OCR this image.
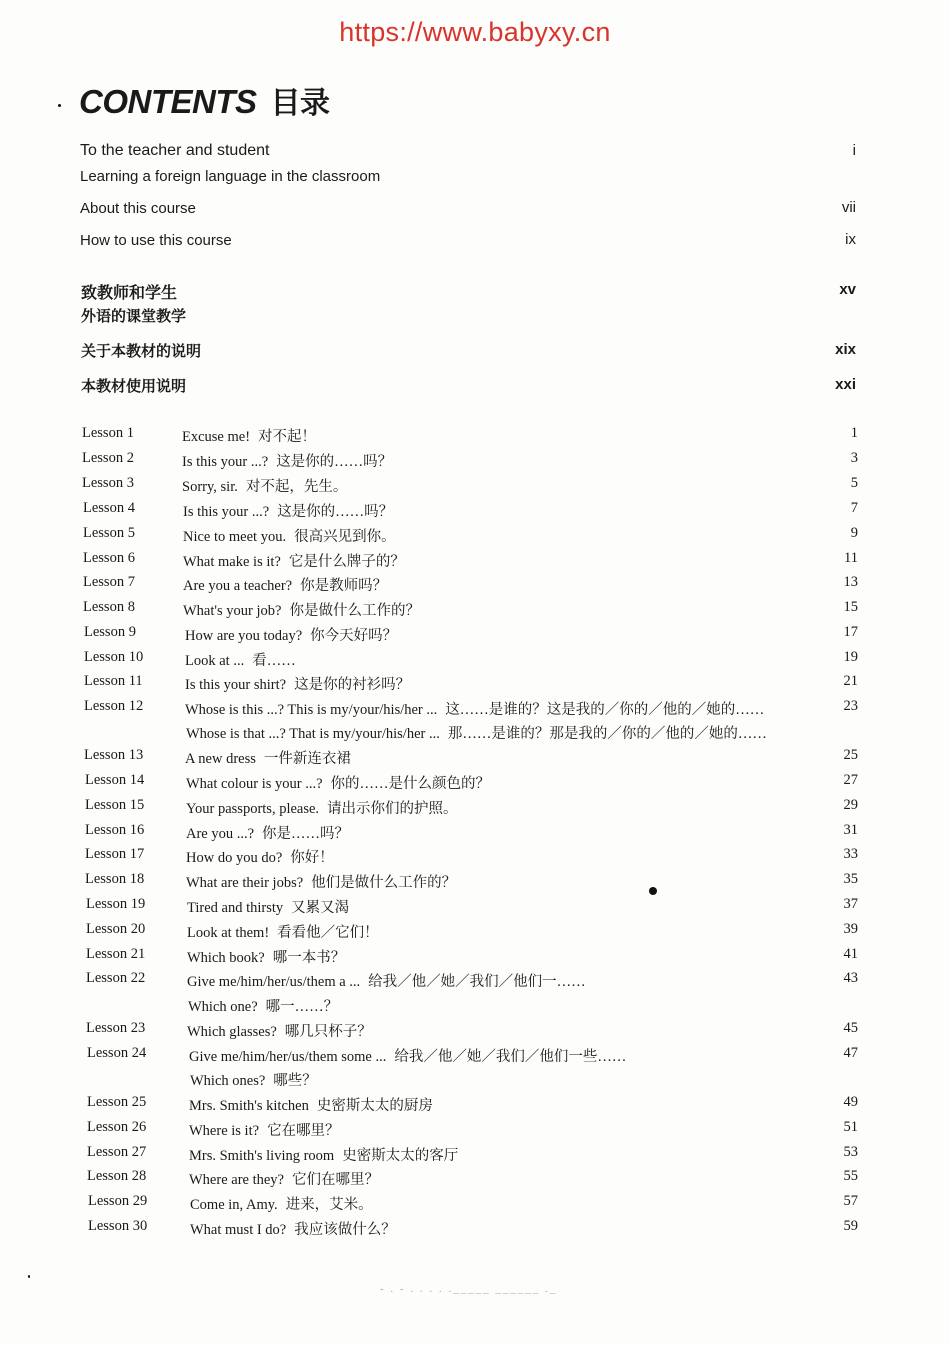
https://www.babyxy.cn
CONTENTS 目录
To the teacher and student	i
Learning a foreign language in the classroom
About this course	vii
How to use this course	ix
致教师和学生	xv
外语的课堂教学
关于本教材的说明	xix
本教材使用说明	xxi
Lesson 1	Excuse me! 对不起！	1
Lesson 2	Is this your ...? 这是你的……吗？	3
Lesson 3	Sorry, sir. 对不起，先生。	5
Lesson 4	Is this your ...? 这是你的……吗？	7
Lesson 5	Nice to meet you. 很高兴见到你。	9
Lesson 6	What make is it? 它是什么牌子的？	11
Lesson 7	Are you a teacher? 你是教师吗？	13
Lesson 8	What's your job? 你是做什么工作的？	15
Lesson 9	How are you today? 你今天好吗？	17
Lesson 10	Look at ... 看……	19
Lesson 11	Is this your shirt? 这是你的衬衫吗？	21
Lesson 12	Whose is this ...? This is my/your/his/her ... 这……是谁的？这是我的／你的／他的／她的……	23
Whose is that ...? That is my/your/his/her ... 那……是谁的？那是我的／你的／他的／她的……
Lesson 13	A new dress 一件新连衣裙	25
Lesson 14	What colour is your ...? 你的……是什么颜色的？	27
Lesson 15	Your passports, please. 请出示你们的护照。	29
Lesson 16	Are you ...? 你是……吗？	31
Lesson 17	How do you do? 你好！	33
Lesson 18	What are their jobs? 他们是做什么工作的？	35
Lesson 19	Tired and thirsty 又累又渴	37
Lesson 20	Look at them! 看看他／它们！	39
Lesson 21	Which book? 哪一本书？	41
Lesson 22	Give me/him/her/us/them a ... 给我／他／她／我们／他们一……	43
Which one? 哪一……？
Lesson 23	Which glasses? 哪几只杯子？	45
Lesson 24	Give me/him/her/us/them some ... 给我／他／她／我们／他们一些……	47
Which ones? 哪些？
Lesson 25	Mrs. Smith's kitchen 史密斯太太的厨房	49
Lesson 26	Where is it? 它在哪里？	51
Lesson 27	Mrs. Smith's living room 史密斯太太的客厅	53
Lesson 28	Where are they? 它们在哪里？	55
Lesson 29	Come in, Amy. 进来，艾米。	57
Lesson 30	What must I do? 我应该做什么？	59
- . - . . . . ._____ ______ ._
